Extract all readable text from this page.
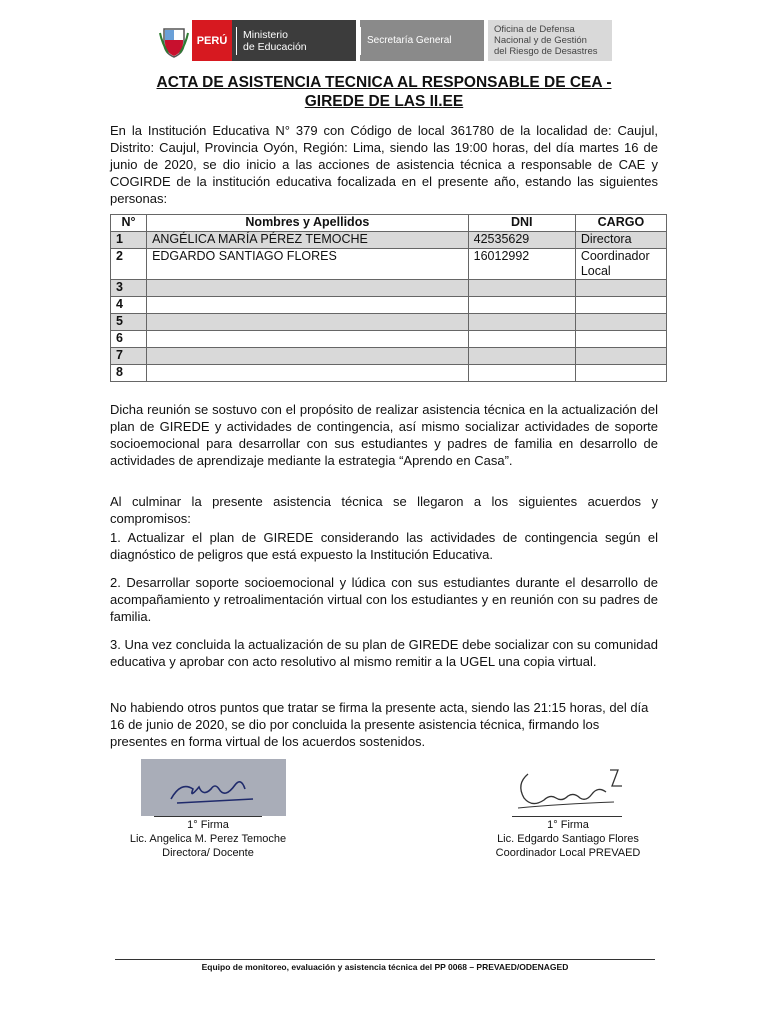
PERÚ	Ministerio
de Educación	Secretaría General
Oficina de Defensa
Nacional y de Gestión
del Riesgo de Desastres
ACTA DE ASISTENCIA TECNICA AL RESPONSABLE DE CEA -
GIREDE DE LAS II.EE

En la Institución Educativa N° 379 con Código de local 361780 de la localidad de: Caujul, Distrito: Caujul, Provincia Oyón, Región: Lima, siendo las 19:00 horas, del día martes 16 de junio de 2020, se dio inicio a las acciones de asistencia técnica a responsable de CAE y COGIRDE de la institución educativa focalizada en el presente año, estando las siguientes personas:

N°	Nombres y Apellidos	DNI	CARGO
1	ANGÉLICA MARÍA PÉREZ TEMOCHE	42535629	Directora
2	EDGARDO SANTIAGO FLORES	16012992	Coordinador Local
3			
4			
5			
6			
7			
8			

Dicha reunión se sostuvo con el propósito de realizar asistencia técnica en la actualización del plan de GIREDE y actividades de contingencia, así mismo socializar actividades de soporte socioemocional para desarrollar con sus estudiantes y padres de familia en desarrollo de actividades de aprendizaje mediante la estrategia “Aprendo en Casa”.

Al culminar la presente asistencia técnica se llegaron a los siguientes acuerdos y compromisos:

1. Actualizar el plan de GIREDE considerando las actividades de contingencia según el diagnóstico de peligros que está expuesto la Institución Educativa.

2. Desarrollar soporte socioemocional y lúdica con sus estudiantes durante el desarrollo de acompañamiento y retroalimentación virtual con los estudiantes y en reunión con su padres de familia.

3. Una vez concluida la actualización de su plan de GIREDE debe socializar con su comunidad educativa y aprobar con acto resolutivo al mismo remitir a la UGEL una copia virtual.

No habiendo otros puntos que tratar se firma la presente acta, siendo las 21:15 horas, del día 16 de junio de 2020, se dio por concluida la presente asistencia técnica, firmando los presentes en forma virtual de los acuerdos sostenidos.

1° Firma
Lic. Angelica M. Perez Temoche
Directora/ Docente
1° Firma
Lic. Edgardo Santiago Flores
Coordinador Local PREVAED
Equipo de monitoreo, evaluación y asistencia técnica del PP 0068 – PREVAED/ODENAGED
